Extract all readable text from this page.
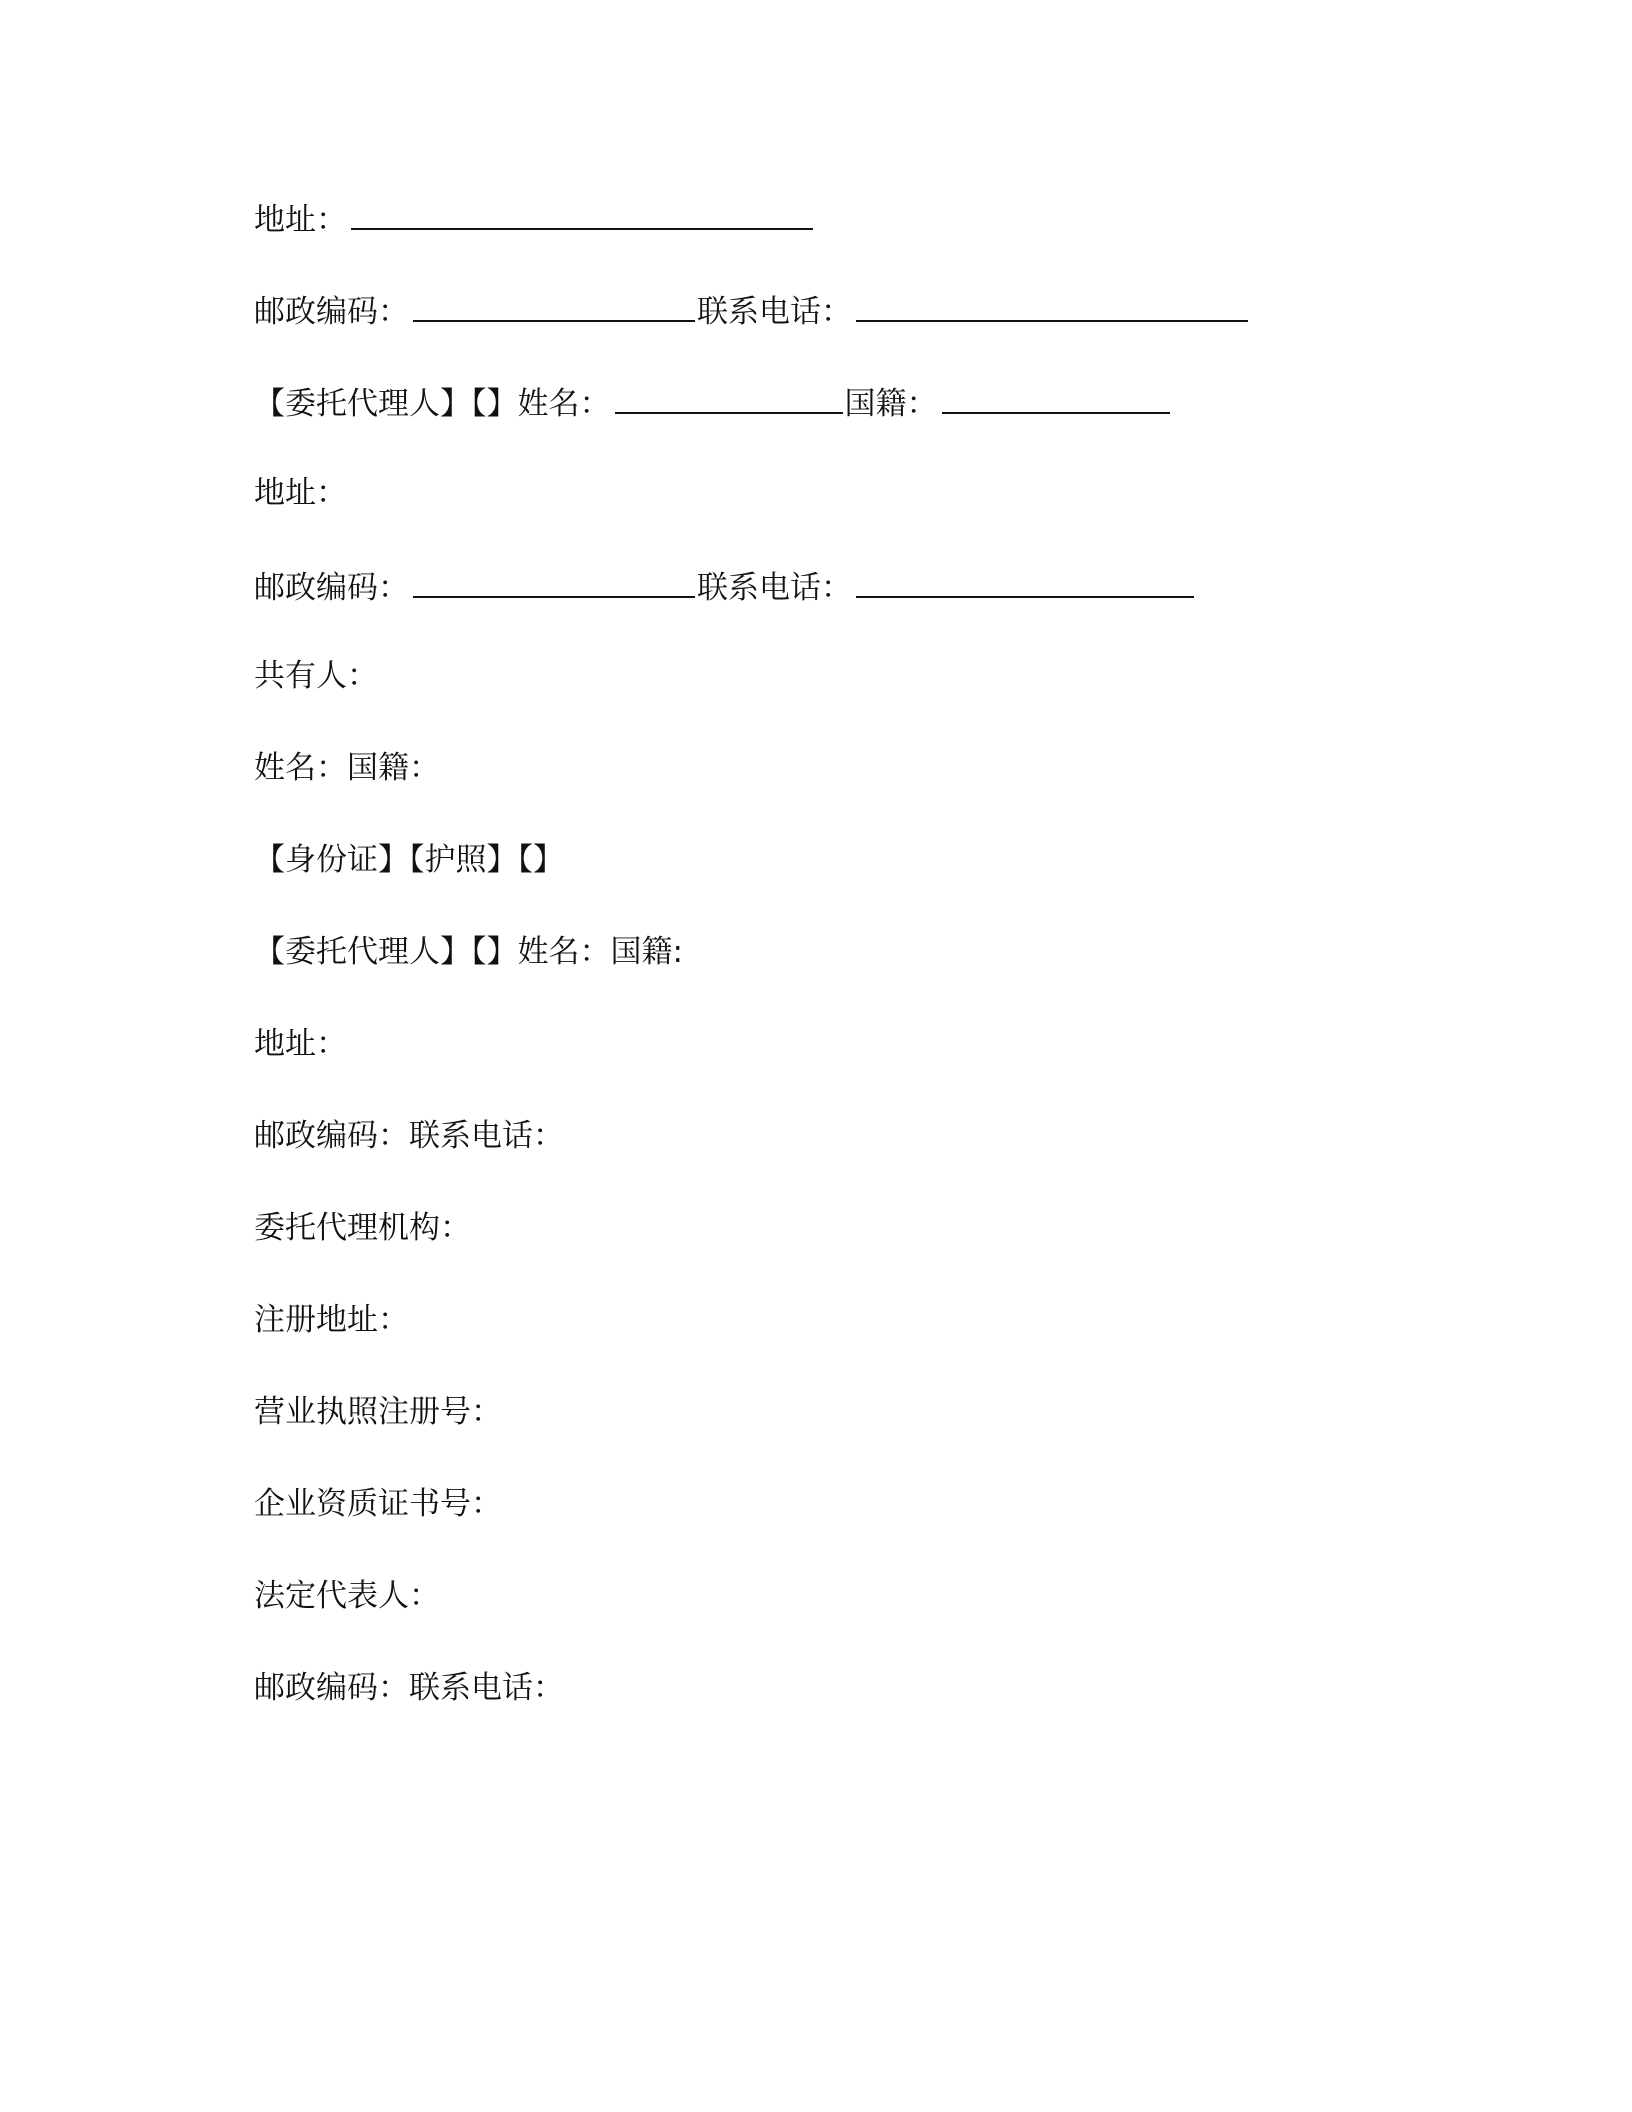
地址：
邮政编码：	联系电话：
【委托代理人】【】姓名：	国籍：
地址：
邮政编码：	联系电话：
共有人：
姓名：国籍：
【身份证】【护照】【】
【委托代理人】【】姓名：国籍:
地址：
邮政编码：联系电话：
委托代理机构：
注册地址：
营业执照注册号：
企业资质证书号：
法定代表人：
邮政编码：联系电话：
